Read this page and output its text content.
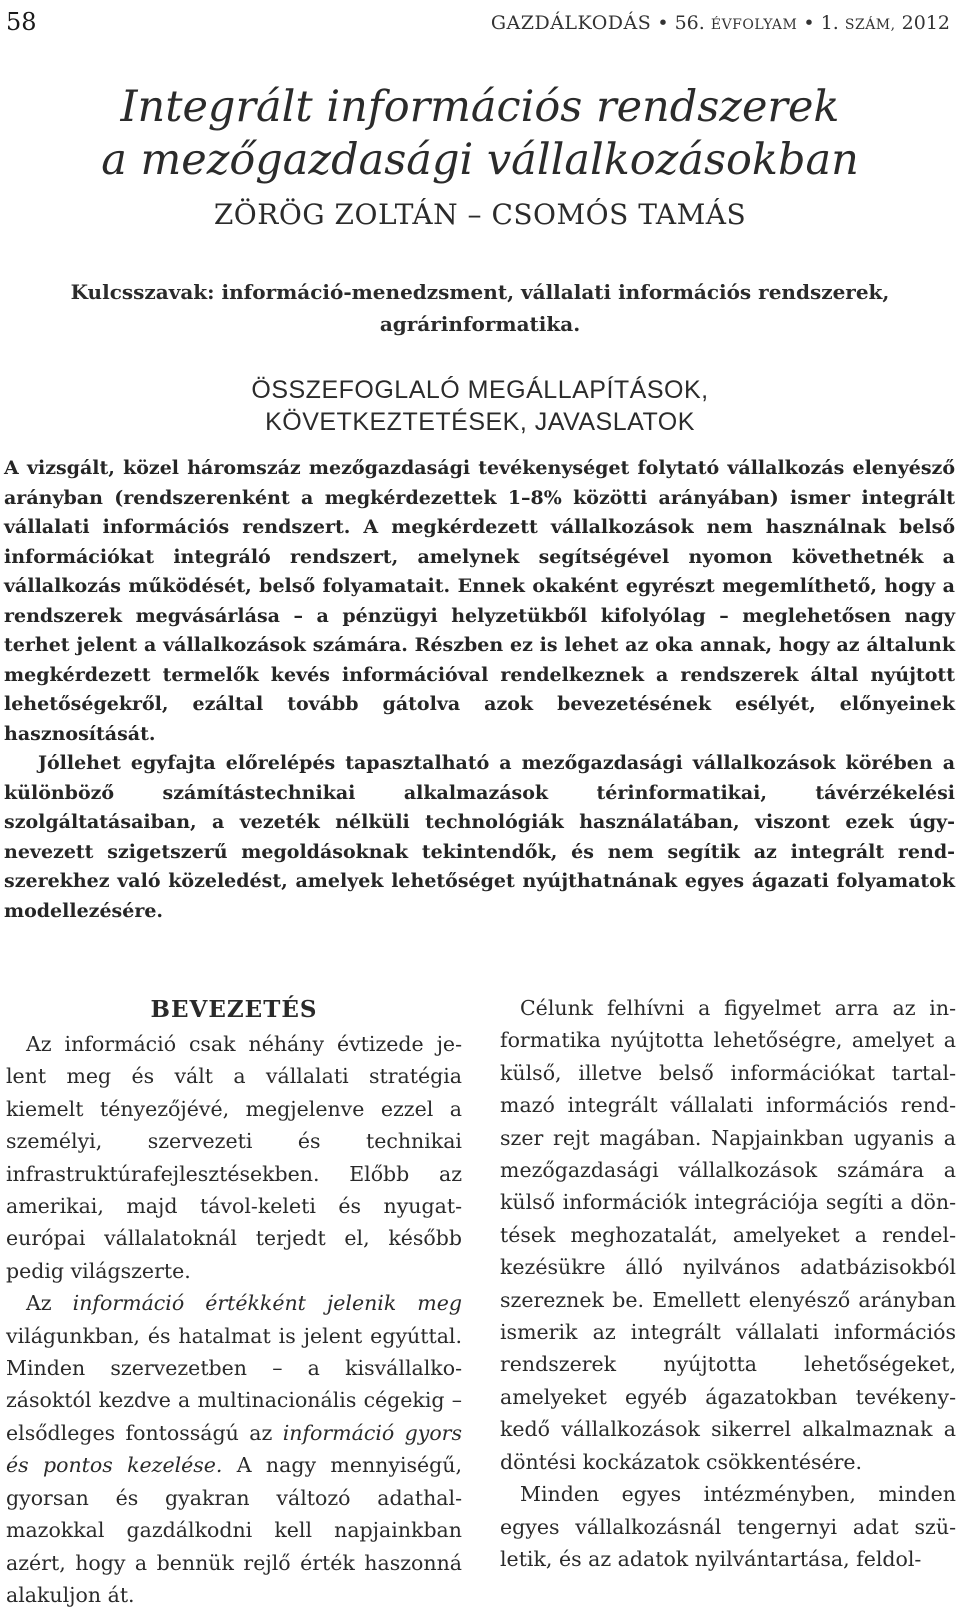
58	GAZDÁLKODÁS • 56. ÉVFOLYAM • 1. SZÁM, 2012
Integrált információs rendszerek
a mezőgazdasági vállalkozásokban
ZÖRÖG ZOLTÁN – CSOMÓS TAMÁS
Kulcsszavak: információ-menedzsment, vállalati információs rendszerek,
agrárinformatika.
ÖSSZEFOGLALÓ MEGÁLLAPÍTÁSOK,
KÖVETKEZTETÉSEK, JAVASLATOK

A vizsgált, közel háromszáz mezőgazdasági tevékenységet folytató vállalkozás elenyésző arányban (rendszerenként a megkérdezettek 1–8% közötti arányában) ismer integrált vállalati információs rendszert. A megkérdezett vállalkozások nem használnak belső információkat integráló rendszert, amelynek segítségével nyomon követhetnék a vállalkozás működését, belső folyamatait. Ennek okaként egyrészt megemlíthető, hogy a rendszerek megvásárlása – a pénzügyi helyzetükből kifolyólag – meglehetősen nagy terhet jelent a vállalkozások számára. Részben ez is lehet az oka annak, hogy az általunk megkérdezett termelők kevés információval rendelkeznek a rendszerek által nyújtott lehetőségekről, ezáltal tovább gátolva azok bevezetésének esélyét, előnyeinek hasznosítását.

Jóllehet egyfajta előrelépés tapasztalható a mezőgazdasági vállalkozások körében a különböző számítástechnikai alkalmazások térinformatikai, távérzékelési szolgáltatásaiban, a vezeték nélküli technológiák használatában, viszont ezek úgynevezett szigetszerű megoldásoknak tekintendők, és nem segítik az integrált rendszerekhez való közeledést, amelyek lehetőséget nyújthatnának egyes ágazati folyamatok modellezésére.

BEVEZETÉS

Az információ csak néhány évtizede jelent meg és vált a vállalati stratégia kiemelt tényezőjévé, megjelenve ezzel a személyi, szervezeti és technikai infrastruktúrafejlesztésekben. Előbb az amerikai, majd távol-keleti és nyugat-európai vállalatoknál terjedt el, később pedig világszerte.

Az információ értékként jelenik meg világunkban, és hatalmat is jelent egyúttal. Minden szervezetben – a kisvállalkozásoktól kezdve a multinacionális cégekig – elsődleges fontosságú az információ gyors és pontos kezelése. A nagy mennyiségű, gyorsan és gyakran változó adathalmazokkal gazdálkodni kell napjainkban azért, hogy a bennük rejlő érték haszonná alakuljon át.

Célunk felhívni a figyelmet arra az informatika nyújtotta lehetőségre, amelyet a külső, illetve belső információkat tartalmazó integrált vállalati információs rendszer rejt magában. Napjainkban ugyanis a mezőgazdasági vállalkozások számára a külső információk integrációja segíti a döntések meghozatalát, amelyeket a rendelkezésükre álló nyilvános adatbázisokból szereznek be. Emellett elenyésző arányban ismerik az integrált vállalati információs rendszerek nyújtotta lehetőségeket, amelyeket egyéb ágazatokban tevékenykedő vállalkozások sikerrel alkalmaznak a döntési kockázatok csökkentésére.

Minden egyes intézményben, minden egyes vállalkozásnál tengernyi adat születik, és az adatok nyilvántartása, feldol-
